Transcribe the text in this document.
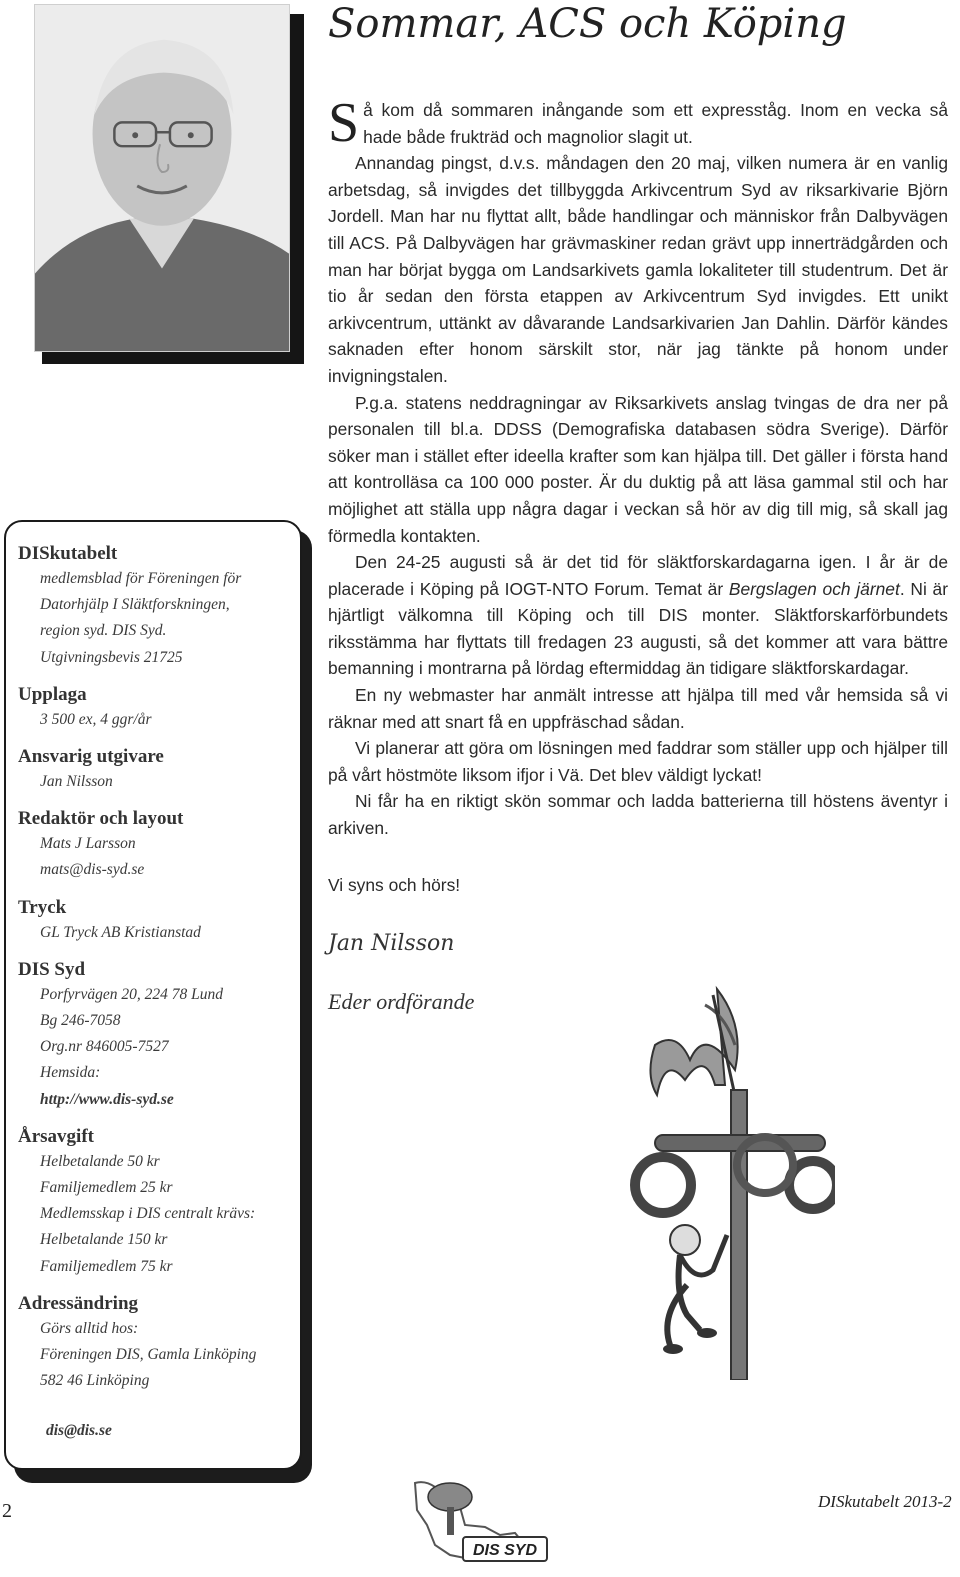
DISkutabelt
medlemsblad för Föreningen för
Datorhjälp I Släktforskningen,
region syd. DIS Syd.
Utgivningsbevis 21725
Upplaga
3 500 ex, 4 ggr/år
Ansvarig utgivare
Jan Nilsson
Redaktör och layout
Mats J Larsson
mats@dis-syd.se
Tryck
GL Tryck AB Kristianstad
DIS Syd
Porfyrvägen 20, 224 78 Lund
Bg 246-7058
Org.nr 846005-7527
Hemsida:
http://www.dis-syd.se
Årsavgift
Helbetalande 50 kr
Familjemedlem 25 kr
Medlemsskap i DIS centralt krävs:
Helbetalande 150 kr
Familjemedlem 75 kr
Adressändring
Görs alltid hos:
Föreningen DIS, Gamla Linköping
582 46 Linköping
dis@dis.se
Sommar, ACS och Köping

Så kom då sommaren inångande som ett expresståg. Inom en vecka så hade både frukträd och magnolior slagit ut.

Annandag pingst, d.v.s. måndagen den 20 maj, vilken numera är en vanlig arbetsdag, så invigdes det tillbyggda Arkivcentrum Syd av riksarkivarie Björn Jordell. Man har nu flyttat allt, både handlingar och människor från Dalbyvägen till ACS. På Dalbyvägen har grävmaskiner redan grävt upp innerträdgården och man har börjat bygga om Landsarkivets gamla lokaliteter till studentrum. Det är tio år sedan den första etappen av Arkivcentrum Syd invigdes. Ett unikt arkivcentrum, uttänkt av dåvarande Landsarkivarien Jan Dahlin. Därför kändes saknaden efter honom särskilt stor, när jag tänkte på honom under invigningstalen.

P.g.a. statens neddragningar av Riksarkivets anslag tvingas de dra ner på personalen till bl.a. DDSS (Demografiska databasen södra Sverige). Därför söker man i stället efter ideella krafter som kan hjälpa till. Det gäller i första hand att kontrolläsa ca 100 000 poster. Är du duktig på att läsa gammal stil och har möjlighet att ställa upp några dagar i veckan så hör av dig till mig, så skall jag förmedla kontakten.

Den 24-25 augusti så är det tid för släktforskardagarna igen. I år är de placerade i Köping på IOGT-NTO Forum. Temat är Bergslagen och järnet. Ni är hjärtligt välkomna till Köping och till DIS monter. Släktforskarförbundets riksstämma har flyttats till fredagen 23 augusti, så det kommer att vara bättre bemanning i montrarna på lördag eftermiddag än tidigare släktforskardagar.

En ny webmaster har anmält intresse att hjälpa till med vår hemsida så vi räknar med att snart få en uppfräschad sådan.

Vi planerar att göra om lösningen med faddrar som ställer upp och hjälper till på vårt höstmöte liksom ifjor i Vä. Det blev väldigt lyckat!

Ni får ha en riktigt skön sommar och ladda batterierna till höstens äventyr i arkiven.

Vi syns och hörs!

Jan Nilsson

Eder ordförande

2
DIS SYD
DISkutabelt 2013-2
